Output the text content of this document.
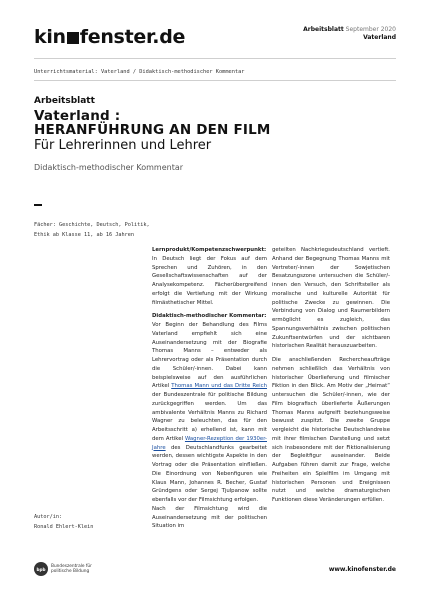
kin fenster.de	Arbeitsblatt September 2020
Vaterland
Unterrichtsmaterial: Vaterland / Didaktisch-methodischer Kommentar
Arbeitsblatt
Vaterland :
HERANFÜHRUNG AN DEN FILM
Für Lehrerinnen und Lehrer
Didaktisch-methodischer Kommentar
Fächer: Geschichte, Deutsch, Politik, Ethik ab Klasse 11, ab 16 Jahren

Lernprodukt/Kompetenzschwerpunkt:

In Deutsch liegt der Fokus auf dem Sprechen und Zuhören, in den Gesellschaftswissenschaften auf der Analysekompetenz. Fächerübergreifend erfolgt die Vertiefung mit der Wirkung filmästhetischer Mittel.

Didaktisch-methodischer Kommentar:

Vor Beginn der Behandlung des Films Vaterland empfiehlt sich eine Auseinandersetzung mit der Biografie Thomas Manns – entweder als Lehrervortrag oder als Präsentation durch die Schüler/-innen. Dabei kann beispielsweise auf den ausführlichen Artikel Thomas Mann und das Dritte Reich der Bundeszentrale für politische Bildung zurückgegriffen werden. Um das ambivalente Verhältnis Manns zu Richard Wagner zu beleuchten, das für den Arbeitsschritt a) erhellend ist, kann mit dem Artikel Wagner-Rezeption der 1930er-Jahre des Deutschlandfunks gearbeitet werden, dessen wichtigste Aspekte in den Vortrag oder die Präsentation einfließen. Die Einordnung von Nebenfiguren wie Klaus Mann, Johannes R. Becher, Gustaf Gründgens oder Sergej Tjulpanow sollte ebenfalls vor der Filmsichtung erfolgen.

Nach der Filmsichtung wird die Auseinandersetzung mit der politischen Situation im

geteilten Nachkriegsdeutschland vertieft. Anhand der Begegnung Thomas Manns mit Vertreter/-innen der Sowjetischen Besatzungszone untersuchen die Schüler/-innen den Versuch, den Schriftsteller als moralische und kulturelle Autorität für politische Zwecke zu gewinnen. Die Verbindung von Dialog und Raumerbildern ermöglicht es zugleich, das Spannungsverhältnis zwischen politischen Zukunftsentwürfen und der sichtbaren historischen Realität herauszuarbeiten.

Die anschließenden Rechercheaufträge nehmen schließlich das Verhältnis von historischer Überlieferung und filmischer Fiktion in den Blick. Am Motiv der „Heimat“ untersuchen die Schüler/-innen, wie der Film biografisch überlieferte Äußerungen Thomas Manns aufgreift beziehungsweise bewusst zuspitzt. Die zweite Gruppe vergleicht die historische Deutschlandreise mit ihrer filmischen Darstellung und setzt sich insbesondere mit der Fiktionalisierung der Begleitfigur auseinander. Beide Aufgaben führen damit zur Frage, welche Freiheiten ein Spielfilm im Umgang mit historischen Personen und Ereignissen nutzt und welche dramaturgischen Funktionen diese Veränderungen erfüllen.

Autor/in:
Ronald Ehlert-Klein
bpb
Bundeszentrale für
politische Bildung	www.kinofenster.de
